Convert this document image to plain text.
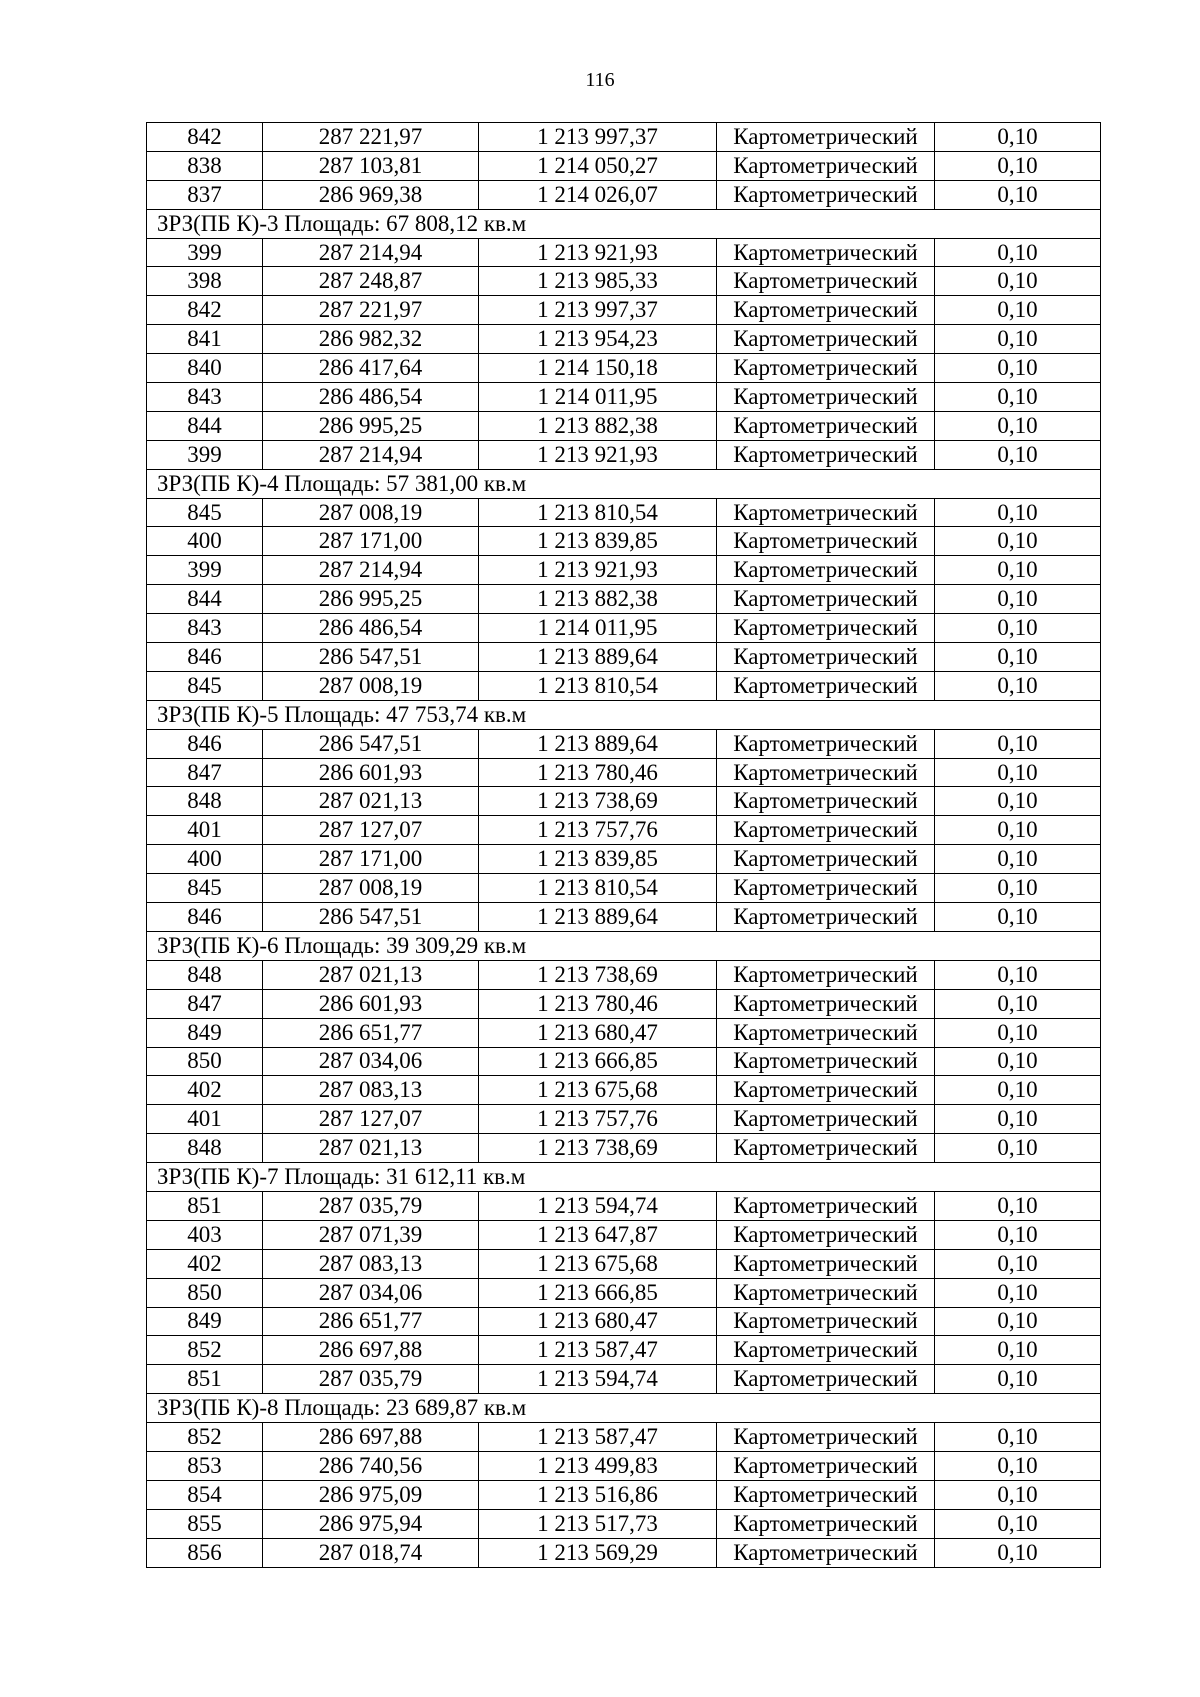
116
842	287 221,97	1 213 997,37	Картометрический	0,10
838	287 103,81	1 214 050,27	Картометрический	0,10
837	286 969,38	1 214 026,07	Картометрический	0,10
ЗРЗ(ПБ К)-3 Площадь: 67 808,12 кв.м				
399	287 214,94	1 213 921,93	Картометрический	0,10
398	287 248,87	1 213 985,33	Картометрический	0,10
842	287 221,97	1 213 997,37	Картометрический	0,10
841	286 982,32	1 213 954,23	Картометрический	0,10
840	286 417,64	1 214 150,18	Картометрический	0,10
843	286 486,54	1 214 011,95	Картометрический	0,10
844	286 995,25	1 213 882,38	Картометрический	0,10
399	287 214,94	1 213 921,93	Картометрический	0,10
ЗРЗ(ПБ К)-4 Площадь: 57 381,00 кв.м				
845	287 008,19	1 213 810,54	Картометрический	0,10
400	287 171,00	1 213 839,85	Картометрический	0,10
399	287 214,94	1 213 921,93	Картометрический	0,10
844	286 995,25	1 213 882,38	Картометрический	0,10
843	286 486,54	1 214 011,95	Картометрический	0,10
846	286 547,51	1 213 889,64	Картометрический	0,10
845	287 008,19	1 213 810,54	Картометрический	0,10
ЗРЗ(ПБ К)-5 Площадь: 47 753,74 кв.м				
846	286 547,51	1 213 889,64	Картометрический	0,10
847	286 601,93	1 213 780,46	Картометрический	0,10
848	287 021,13	1 213 738,69	Картометрический	0,10
401	287 127,07	1 213 757,76	Картометрический	0,10
400	287 171,00	1 213 839,85	Картометрический	0,10
845	287 008,19	1 213 810,54	Картометрический	0,10
846	286 547,51	1 213 889,64	Картометрический	0,10
ЗРЗ(ПБ К)-6 Площадь: 39 309,29 кв.м				
848	287 021,13	1 213 738,69	Картометрический	0,10
847	286 601,93	1 213 780,46	Картометрический	0,10
849	286 651,77	1 213 680,47	Картометрический	0,10
850	287 034,06	1 213 666,85	Картометрический	0,10
402	287 083,13	1 213 675,68	Картометрический	0,10
401	287 127,07	1 213 757,76	Картометрический	0,10
848	287 021,13	1 213 738,69	Картометрический	0,10
ЗРЗ(ПБ К)-7 Площадь: 31 612,11 кв.м				
851	287 035,79	1 213 594,74	Картометрический	0,10
403	287 071,39	1 213 647,87	Картометрический	0,10
402	287 083,13	1 213 675,68	Картометрический	0,10
850	287 034,06	1 213 666,85	Картометрический	0,10
849	286 651,77	1 213 680,47	Картометрический	0,10
852	286 697,88	1 213 587,47	Картометрический	0,10
851	287 035,79	1 213 594,74	Картометрический	0,10
ЗРЗ(ПБ К)-8 Площадь: 23 689,87 кв.м				
852	286 697,88	1 213 587,47	Картометрический	0,10
853	286 740,56	1 213 499,83	Картометрический	0,10
854	286 975,09	1 213 516,86	Картометрический	0,10
855	286 975,94	1 213 517,73	Картометрический	0,10
856	287 018,74	1 213 569,29	Картометрический	0,10
